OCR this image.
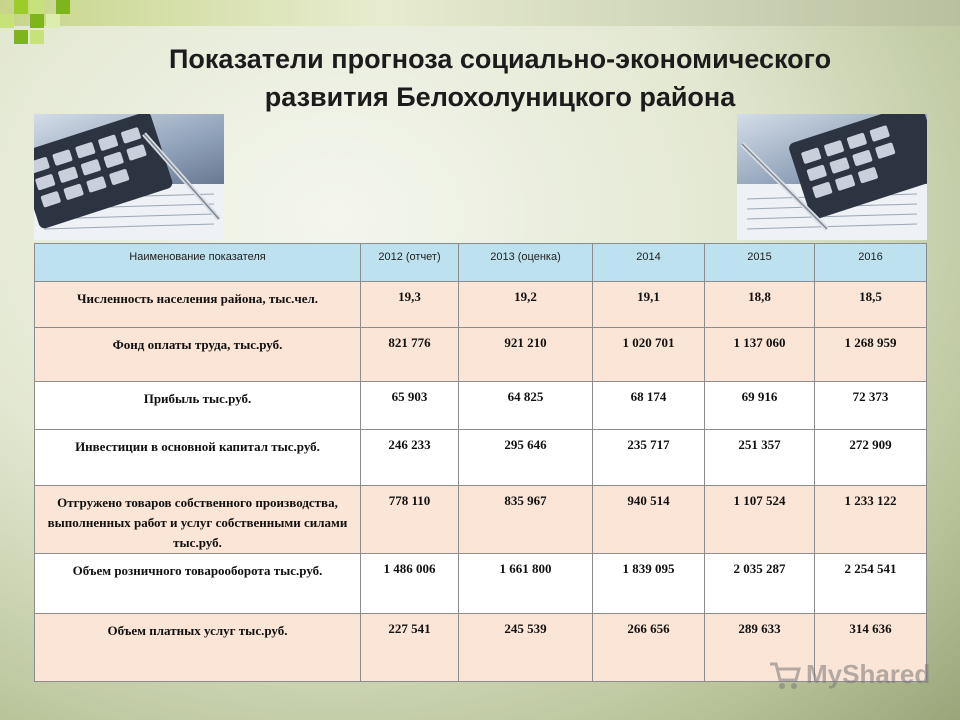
Показатели прогноза социально-экономического
развития Белохолуницкого района
Наименование показателя	2012 (отчет)	2013 (оценка)	2014	2015	2016
Численность населения района, тыс.чел.	19,3	19,2	19,1	18,8	18,5
Фонд оплаты труда, тыс.руб.	821 776	921 210	1 020 701	1 137 060	1 268 959
Прибыль тыс.руб.	65 903	64 825	68 174	69 916	72 373
Инвестиции в основной капитал тыс.руб.	246 233	295 646	235 717	251 357	272 909
Отгружено товаров собственного производства, выполненных работ и услуг собственными силами тыс.руб.	778 110	835 967	940 514	1 107 524	1 233 122
Объем розничного товарооборота тыс.руб.	1 486 006	1 661 800	1 839 095	2 035 287	2 254 541
Объем платных услуг тыс.руб.	227 541	245 539	266 656	289 633	314 636
MyShared
